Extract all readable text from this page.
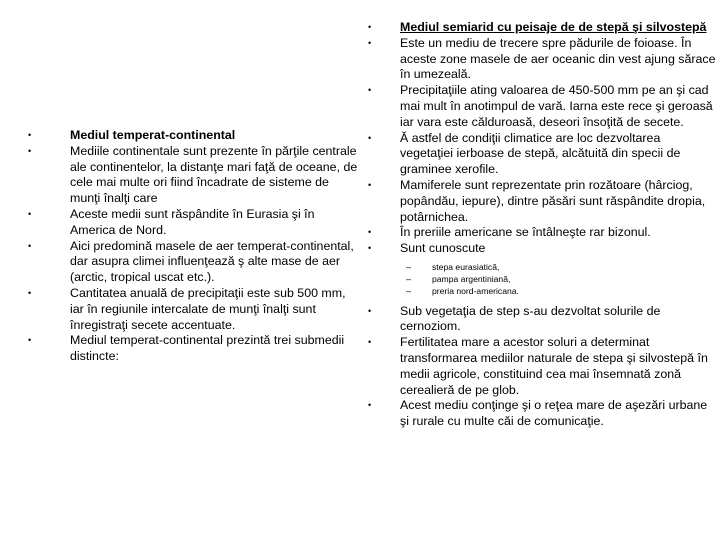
•	Mediul temperat-continental
•	Mediile continentale sunt prezente în părţile centrale ale continentelor, la distanţe mari faţă de oceane, de cele mai multe ori fiind încadrate de sisteme de munţi înalţi care
•	Aceste medii sunt răspândite în Eurasia şi în America de Nord.
•	Aici predomină masele de aer temperat-continental, dar asupra climei influenţează ş alte mase de aer (arctic, tropical uscat etc.).
•	Cantitatea anuală de precipitaţii este sub 500 mm, iar în regiunile intercalate de munţi înalţi sunt înregistraţi secete accentuate.
•	Mediul temperat-continental prezintă trei submedii distincte:
• Mediul semiarid cu peisaje de de stepă şi silvostepă
• Este un mediu de trecere spre pădurile de foioase. În aceste zone masele de aer oceanic din vest ajung sărace în umezeală.
• Precipitaţiile ating valoarea de 450-500 mm pe an şi cad mai mult în anotimpul de vară. Iarna este rece şi geroasă iar vara este călduroasă, deseori însoţită de secete.
• Ă astfel de condiţii climatice are loc dezvoltarea vegetaţiei ierboase de stepă, alcătuită din specii de graminee xerofile.
• Mamiferele sunt reprezentate prin rozătoare (hârciog, popândău, iepure), dintre păsări sunt răspândite dropia, potârnichea.
• În preriile americane se întâlneşte rar bizonul.
• Sunt cunoscute
– stepa eurasiatică,
– pampa argentiniană,
– preria nord-americana.
• Sub vegetaţia de step s-au dezvoltat solurile de cernoziom.
• Fertilitatea mare a acestor soluri a determinat transformarea mediilor naturale de stepa şi silvostepă în medii agricole, constituind cea mai însemnată zonă cerealieră de pe glob.
• Acest mediu conţinge şi o reţea mare de aşezări urbane şi rurale cu multe căi de comunicaţie.
